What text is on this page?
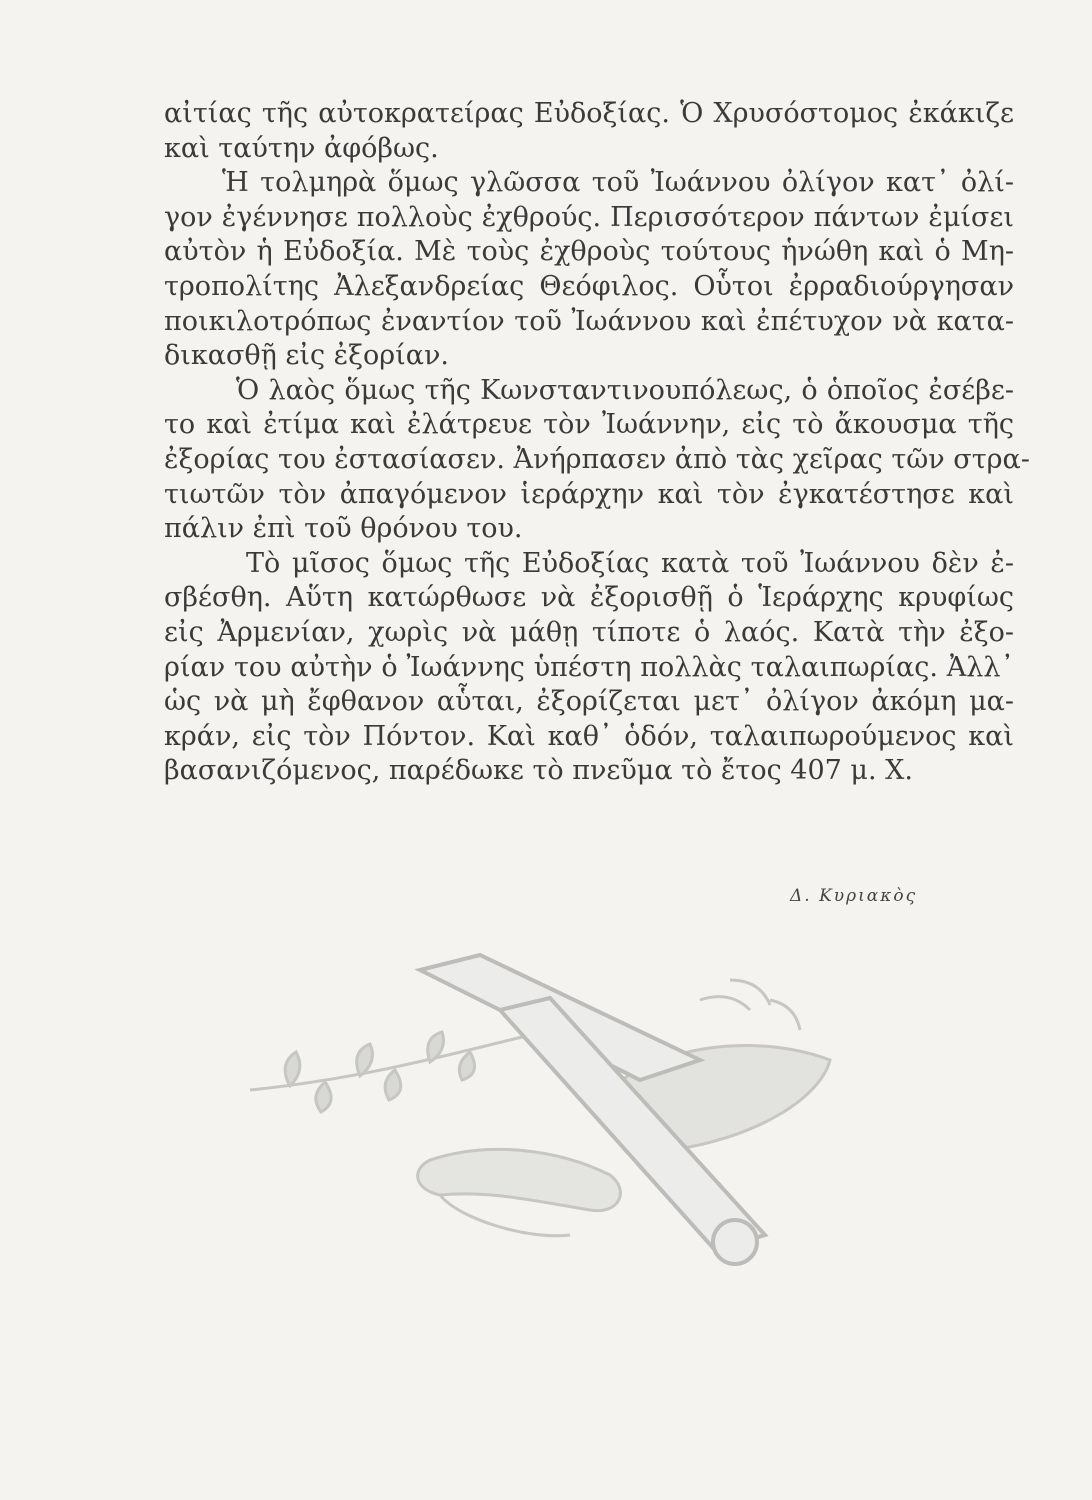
αἰτίας τῆς αὐτοκρατείρας Εὐδοξίας. Ὁ Χρυσόστομος ἐκάκιζε
καὶ ταύτην ἀφόβως.
Ἡ τολμηρὰ ὅμως γλῶσσα τοῦ Ἰωάννου ὀλίγον κατ᾽ ὀλί-
γον ἐγέννησε πολλοὺς ἐχθρούς. Περισσότερον πάντων ἐμίσει
αὐτὸν ἡ Εὐδοξία. Μὲ τοὺς ἐχθροὺς τούτους ἡνώθη καὶ ὁ Μη-
τροπολίτης Ἀλεξανδρείας Θεόφιλος. Οὗτοι ἐρραδιούργησαν
ποικιλοτρόπως ἐναντίον τοῦ Ἰωάννου καὶ ἐπέτυχον νὰ κατα-
δικασθῇ εἰς ἐξορίαν.
Ὁ λαὸς ὅμως τῆς Κωνσταντινουπόλεως, ὁ ὁποῖος ἐσέβε-
το καὶ ἐτίμα καὶ ἐλάτρευε τὸν Ἰωάννην, εἰς τὸ ἄκουσμα τῆς
ἐξορίας του ἐστασίασεν. Ἀνήρπασεν ἀπὸ τὰς χεῖρας τῶν στρα-
τιωτῶν τὸν ἀπαγόμενον ἱεράρχην καὶ τὸν ἐγκατέστησε καὶ
πάλιν ἐπὶ τοῦ θρόνου του.
Τὸ μῖσος ὅμως τῆς Εὐδοξίας κατὰ τοῦ Ἰωάννου δὲν ἐ-
σβέσθη. Αὕτη κατώρθωσε νὰ ἐξορισθῇ ὁ Ἱεράρχης κρυφίως
εἰς Ἀρμενίαν, χωρὶς νὰ μάθῃ τίποτε ὁ λαός. Κατὰ τὴν ἐξο-
ρίαν του αὐτὴν ὁ Ἰωάννης ὑπέστη πολλὰς ταλαιπωρίας. Ἀλλ᾽
ὡς νὰ μὴ ἔφθανον αὗται, ἐξορίζεται μετ᾽ ὀλίγον ἀκόμη μα-
κράν, εἰς τὸν Πόντον. Καὶ καθ᾽ ὁδόν, ταλαιπωρούμενος καὶ
βασανιζόμενος, παρέδωκε τὸ πνεῦμα τὸ ἔτος 407 μ. Χ.
Δ. Κυριακὸς
